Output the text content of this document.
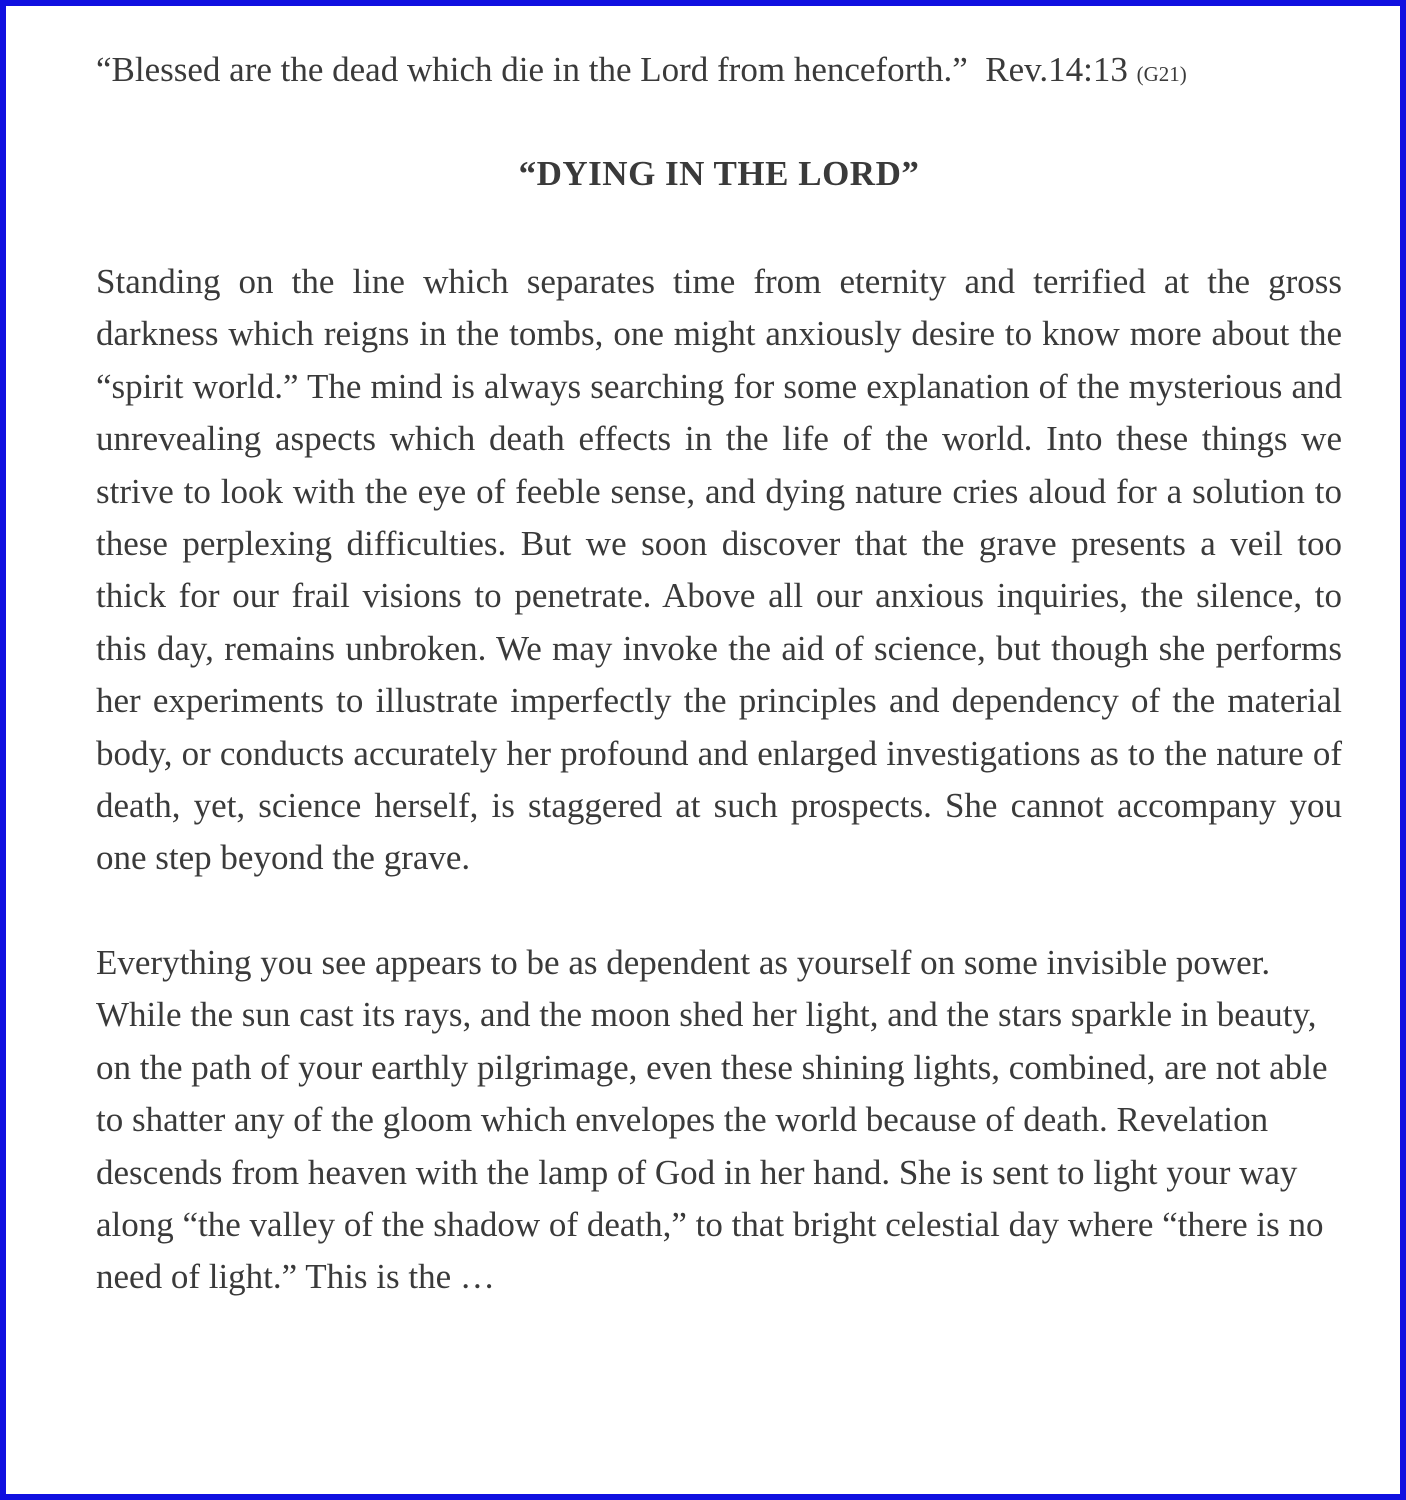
“Blessed are the dead which die in the Lord from henceforth.” Rev.14:13 (G21)

“DYING IN THE LORD”

Standing on the line which separates time from eternity and terrified at the gross darkness which reigns in the tombs, one might anxiously desire to know more about the “spirit world.” The mind is always searching for some explanation of the mysterious and unrevealing aspects which death effects in the life of the world. Into these things we strive to look with the eye of feeble sense, and dying nature cries aloud for a solution to these perplexing difficulties. But we soon discover that the grave presents a veil too thick for our frail visions to penetrate. Above all our anxious inquiries, the silence, to this day, remains unbroken. We may invoke the aid of science, but though she performs her experiments to illustrate imperfectly the principles and dependency of the material body, or conducts accurately her profound and enlarged investigations as to the nature of death, yet, science herself, is staggered at such prospects. She cannot accompany you one step beyond the grave.

Everything you see appears to be as dependent as yourself on some invisible power. While the sun cast its rays, and the moon shed her light, and the stars sparkle in beauty, on the path of your earthly pilgrimage, even these shining lights, combined, are not able to shatter any of the gloom which envelopes the world because of death. Revelation descends from heaven with the lamp of God in her hand. She is sent to light your way along “the valley of the shadow of death,” to that bright celestial day where “there is no need of light.” This is the …
